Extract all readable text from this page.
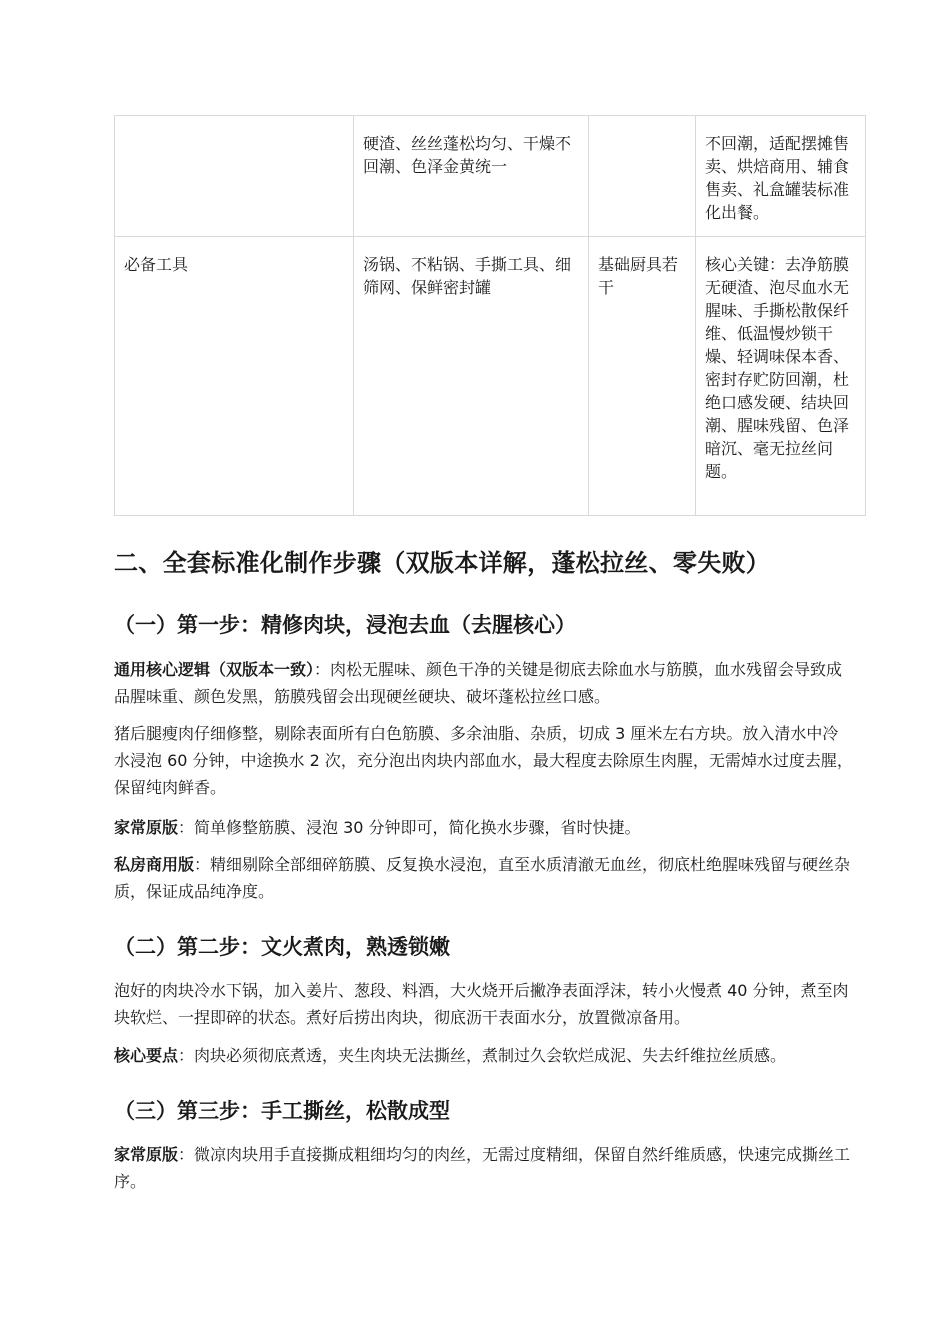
	硬渣、丝丝蓬松均匀、干燥不回潮、色泽金黄统一		不回潮，适配摆摊售卖、烘焙商用、辅食售卖、礼盒罐装标准化出餐。
必备工具	汤锅、不粘锅、手撕工具、细筛网、保鲜密封罐	基础厨具若干	核心关键：去净筋膜无硬渣、泡尽血水无腥味、手撕松散保纤维、低温慢炒锁干燥、轻调味保本香、密封存贮防回潮，杜绝口感发硬、结块回潮、腥味残留、色泽暗沉、毫无拉丝问题。
二、全套标准化制作步骤（双版本详解，蓬松拉丝、零失败）
（一）第一步：精修肉块，浸泡去血（去腥核心）

通用核心逻辑（双版本一致）：肉松无腥味、颜色干净的关键是彻底去除血水与筋膜，血水残留会导致成品腥味重、颜色发黑，筋膜残留会出现硬丝硬块、破坏蓬松拉丝口感。

猪后腿瘦肉仔细修整，剔除表面所有白色筋膜、多余油脂、杂质，切成 3 厘米左右方块。放入清水中冷水浸泡 60 分钟，中途换水 2 次，充分泡出肉块内部血水，最大程度去除原生肉腥，无需焯水过度去腥，保留纯肉鲜香。

家常原版：简单修整筋膜、浸泡 30 分钟即可，简化换水步骤，省时快捷。

私房商用版：精细剔除全部细碎筋膜、反复换水浸泡，直至水质清澈无血丝，彻底杜绝腥味残留与硬丝杂质，保证成品纯净度。

（二）第二步：文火煮肉，熟透锁嫩

泡好的肉块冷水下锅，加入姜片、葱段、料酒，大火烧开后撇净表面浮沫，转小火慢煮 40 分钟，煮至肉块软烂、一捏即碎的状态。煮好后捞出肉块，彻底沥干表面水分，放置微凉备用。

核心要点：肉块必须彻底煮透，夹生肉块无法撕丝，煮制过久会软烂成泥、失去纤维拉丝质感。

（三）第三步：手工撕丝，松散成型

家常原版：微凉肉块用手直接撕成粗细均匀的肉丝，无需过度精细，保留自然纤维质感，快速完成撕丝工序。
